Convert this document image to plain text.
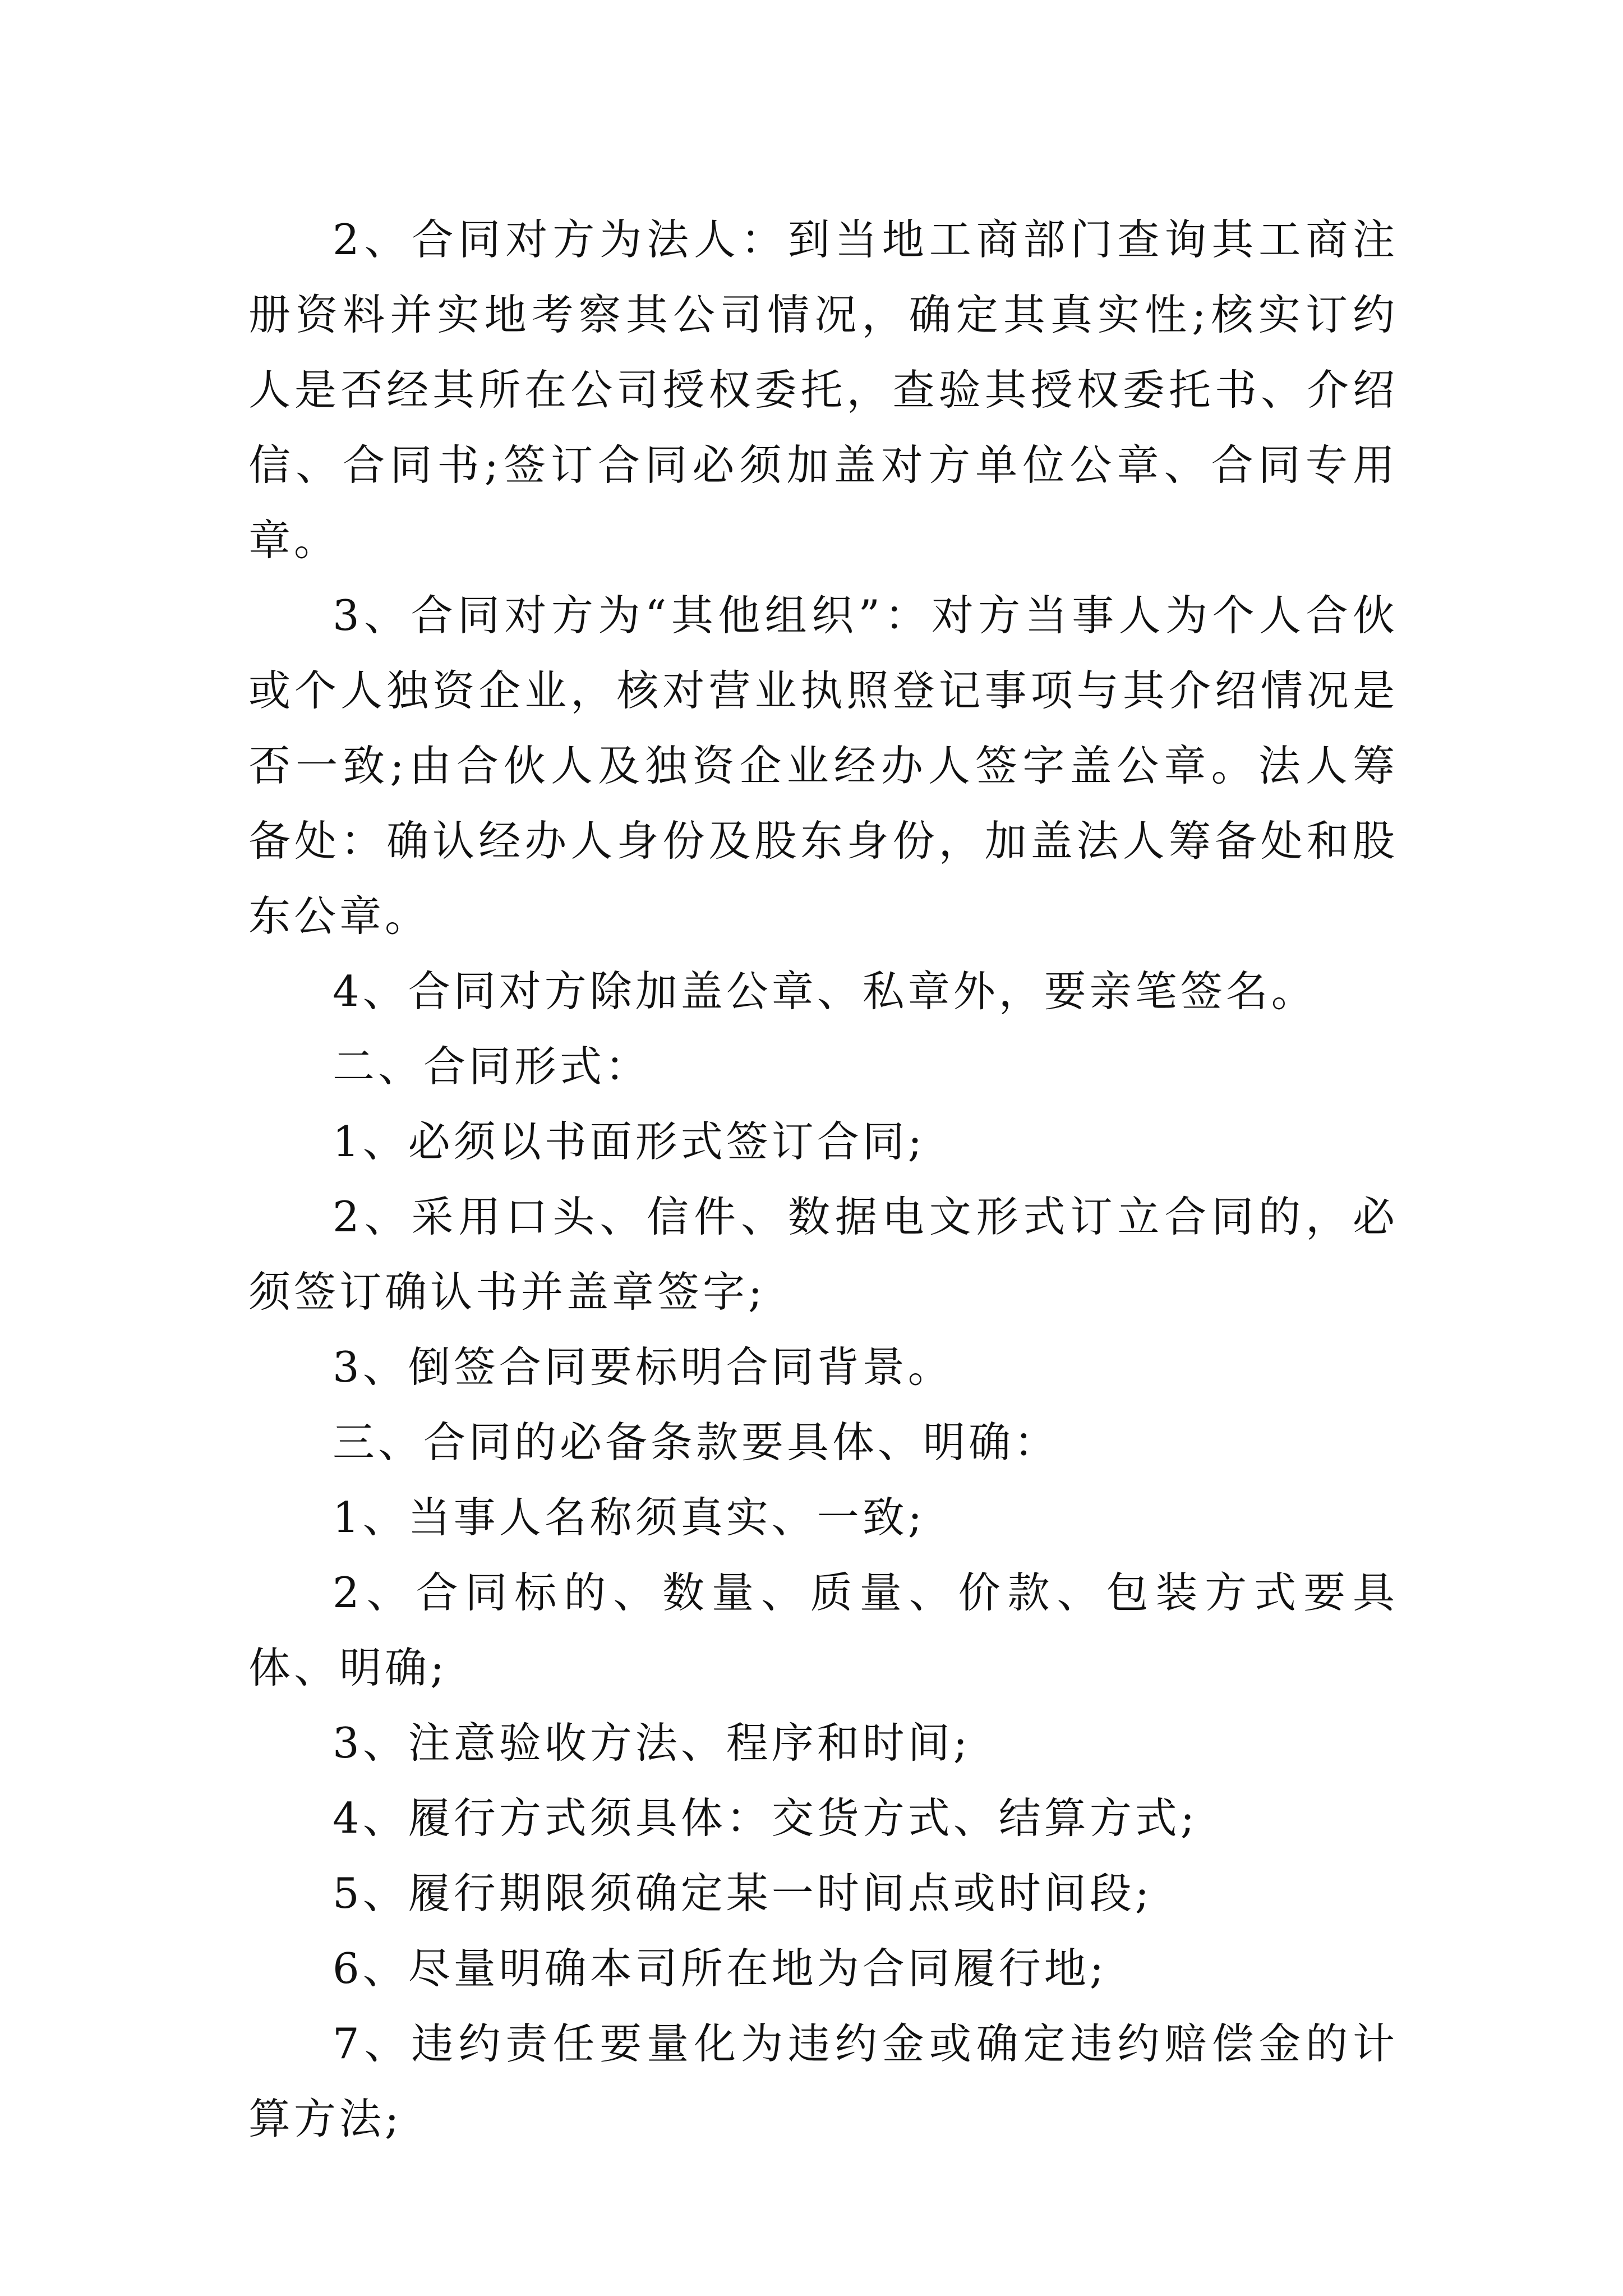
2、合同对方为法人：到当地工商部门查询其工商注册资料并实地考察其公司情况，确定其真实性;核实订约人是否经其所在公司授权委托，查验其授权委托书、介绍信、合同书;签订合同必须加盖对方单位公章、合同专用章。

3、合同对方为“其他组织”：对方当事人为个人合伙或个人独资企业，核对营业执照登记事项与其介绍情况是否一致;由合伙人及独资企业经办人签字盖公章。法人筹备处：确认经办人身份及股东身份，加盖法人筹备处和股东公章。

4、合同对方除加盖公章、私章外，要亲笔签名。

二、合同形式：

1、必须以书面形式签订合同;

2、采用口头、信件、数据电文形式订立合同的，必须签订确认书并盖章签字;

3、倒签合同要标明合同背景。

三、合同的必备条款要具体、明确：

1、当事人名称须真实、一致;

2、合同标的、数量、质量、价款、包装方式要具体、明确;

3、注意验收方法、程序和时间;

4、履行方式须具体：交货方式、结算方式;

5、履行期限须确定某一时间点或时间段;

6、尽量明确本司所在地为合同履行地;

7、违约责任要量化为违约金或确定违约赔偿金的计算方法;
